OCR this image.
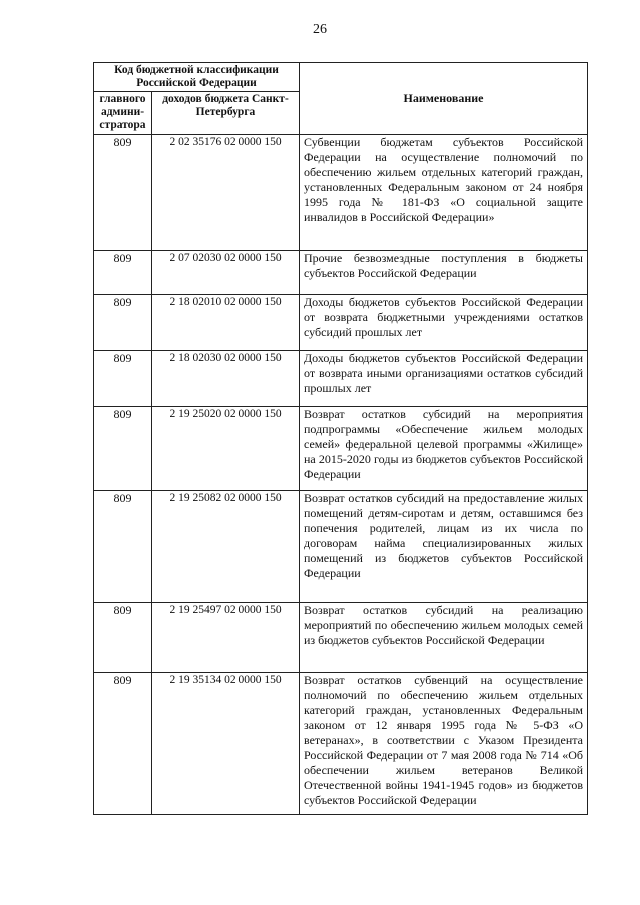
26
Код бюджетной классификации Российской Федерации		Наименование
главного админи-стратора	доходов бюджета Санкт-Петербурга	
809	2 02 35176 02 0000 150	Субвенции бюджетам субъектов Российской Федерации на осуществление полномочий по обеспечению жильем отдельных категорий граждан, установленных Федеральным законом от 24 ноября 1995 года № 181-ФЗ «О социальной защите инвалидов в Российской Федерации»
809	2 07 02030 02 0000 150	Прочие безвозмездные поступления в бюджеты субъектов Российской Федерации
809	2 18 02010 02 0000 150	Доходы бюджетов субъектов Российской Федерации от возврата бюджетными учреждениями остатков субсидий прошлых лет
809	2 18 02030 02 0000 150	Доходы бюджетов субъектов Российской Федерации от возврата иными организациями остатков субсидий прошлых лет
809	2 19 25020 02 0000 150	Возврат остатков субсидий на мероприятия подпрограммы «Обеспечение жильем молодых семей» федеральной целевой программы «Жилище» на 2015-2020 годы из бюджетов субъектов Российской Федерации
809	2 19 25082 02 0000 150	Возврат остатков субсидий на предоставление жилых помещений детям-сиротам и детям, оставшимся без попечения родителей, лицам из их числа по договорам найма специализированных жилых помещений из бюджетов субъектов Российской Федерации
809	2 19 25497 02 0000 150	Возврат остатков субсидий на реализацию мероприятий по обеспечению жильем молодых семей из бюджетов субъектов Российской Федерации
809	2 19 35134 02 0000 150	Возврат остатков субвенций на осуществление полномочий по обеспечению жильем отдельных категорий граждан, установленных Федеральным законом от 12 января 1995 года № 5-ФЗ «О ветеранах», в соответствии с Указом Президента Российской Федерации от 7 мая 2008 года № 714 «Об обеспечении жильем ветеранов Великой Отечественной войны 1941-1945 годов» из бюджетов субъектов Российской Федерации
